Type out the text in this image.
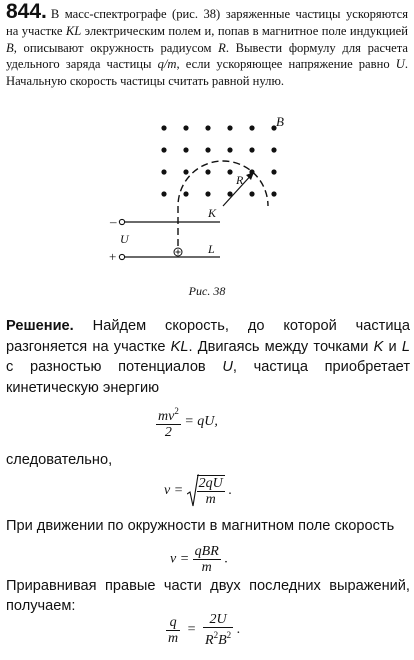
844. В масс-спектрографе (рис. 38) заряженные частицы ускоряются на участке KL электрическим полем и, попав в магнитное поле индукцией B, описывают окружность радиусом R. Вывести формулу для расчета удельного заряда частицы q/m, если ускоряющее напряжение равно U. Начальную скорость частицы считать равной нулю.
B
R
K
L
U
–
+
Рис. 38
Решение. Найдем скорость, до которой частица разгоняется на участке KL. Двигаясь между точками K и L с разностью потенциалов U, частица приобретает кинетическую энергию
$\frac{mv^2}{2}$ = qU,
следовательно,
$v = \frac{2qU}{m}$ .
При движении по окружности в магнитном поле скорость
$v = \frac{\text{qBR}}{m}$ .
Приравнивая правые части двух последних выражений, получаем:
$\frac{q}{m} = \frac{2U}{R^2B^2}$ .
